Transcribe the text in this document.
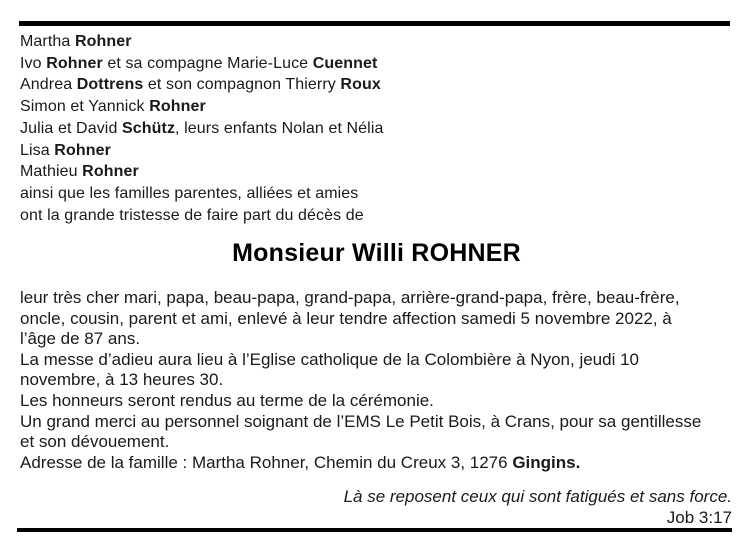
Martha Rohner
Ivo Rohner et sa compagne Marie-Luce Cuennet
Andrea Dottrens et son compagnon Thierry Roux
Simon et Yannick Rohner
Julia et David Schütz, leurs enfants Nolan et Nélia
Lisa Rohner
Mathieu Rohner
ainsi que les familles parentes, alliées et amies
ont la grande tristesse de faire part du décès de
Monsieur Willi ROHNER
leur très cher mari, papa, beau-papa, grand-papa, arrière-grand-papa, frère, beau-frère,
oncle, cousin, parent et ami, enlevé à leur tendre affection samedi 5 novembre 2022, à
l’âge de 87 ans.
La messe d’adieu aura lieu à l’Eglise catholique de la Colombière à Nyon, jeudi 10
novembre, à 13 heures 30.
Les honneurs seront rendus au terme de la cérémonie.
Un grand merci au personnel soignant de l’EMS Le Petit Bois, à Crans, pour sa gentillesse
et son dévouement.
Adresse de la famille : Martha Rohner, Chemin du Creux 3, 1276 Gingins.
Là se reposent ceux qui sont fatigués et sans force.
Job 3:17
